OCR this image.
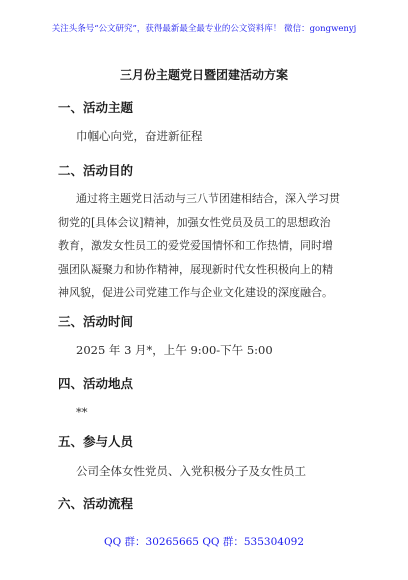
关注头条号“公文研究”，获得最新最全最专业的公文资料库！ 微信：gongwenyj
三月份主题党日暨团建活动方案
一、活动主题
巾帼心向党，奋进新征程
二、活动目的
通过将主题党日活动与三八节团建相结合，深入学习贯
彻党的[具体会议]精神，加强女性党员及员工的思想政治
教育，激发女性员工的爱党爱国情怀和工作热情，同时增
强团队凝聚力和协作精神，展现新时代女性积极向上的精
神风貌，促进公司党建工作与企业文化建设的深度融合。
三、活动时间
2025 年 3 月*，上午 9:00-下午 5:00
四、活动地点
**
五、参与人员
公司全体女性党员、入党积极分子及女性员工
六、活动流程
QQ 群：30265665 QQ 群：535304092
